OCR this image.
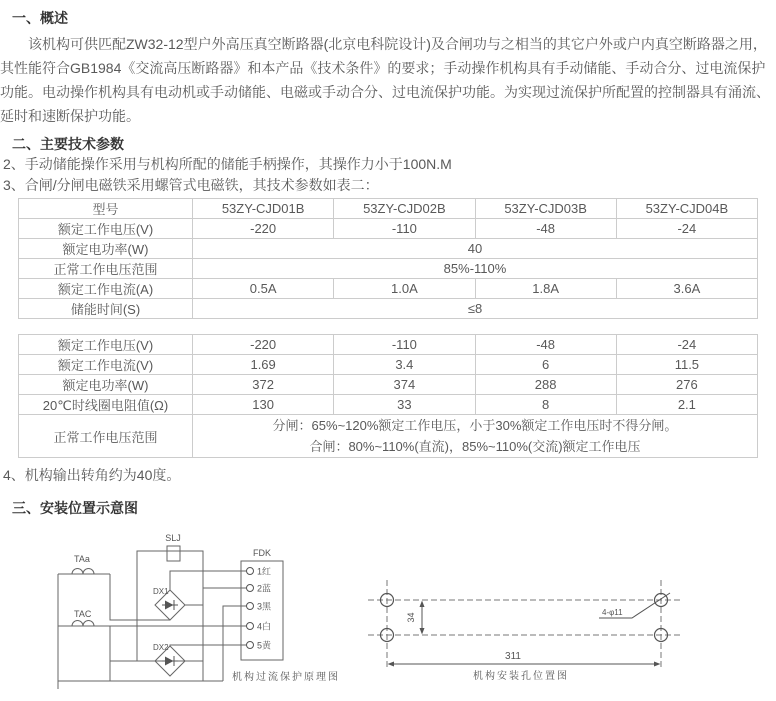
一、概述

该机构可供匹配ZW32-12型户外高压真空断路器(北京电科院设计)及合闸功与之相当的其它户外或户内真空断路器之用，其性能符合GB1984《交流高压断路器》和本产品《技术条件》的要求；手动操作机构具有手动储能、手动合分、过电流保护功能。电动操作机构具有电动机或手动储能、电磁或手动合分、过电流保护功能。为实现过流保护所配置的控制器具有涌流、延时和速断保护功能。

二、主要技术参数
2、手动储能操作采用与机构所配的储能手柄操作，其操作力小于100N.M
3、合闸/分闸电磁铁采用螺管式电磁铁，其技术参数如表二：
型号	53ZY-CJD01B	53ZY-CJD02B	53ZY-CJD03B	53ZY-CJD04B
额定工作电压(V)	-220	-110	-48	-24
额定电功率(W)	40			
正常工作电压范围	85%-110%			
额定工作电流(A)	0.5A	1.0A	1.8A	3.6A
储能时间(S)	≤8			
额定工作电压(V)	-220	-110	-48	-24
额定工作电流(V)	1.69	3.4	6	11.5
额定电功率(W)	372	374	288	276
20℃时线圈电阻值(Ω)	130	33	8	2.1
正常工作电压范围	分闸：65%~120%额定工作电压，小于30%额定工作电压时不得分闸。
合闸：80%~110%(直流)，85%~110%(交流)额定工作电压			
4、机构输出转角约为40度。
三、安装位置示意图
TAa
TAC
SLJ
DX1
DX2
FDK
1红
2蓝
3黑
4白
5黄
机构过流保护原理图
34
311
4-φ11
机构安装孔位置图
